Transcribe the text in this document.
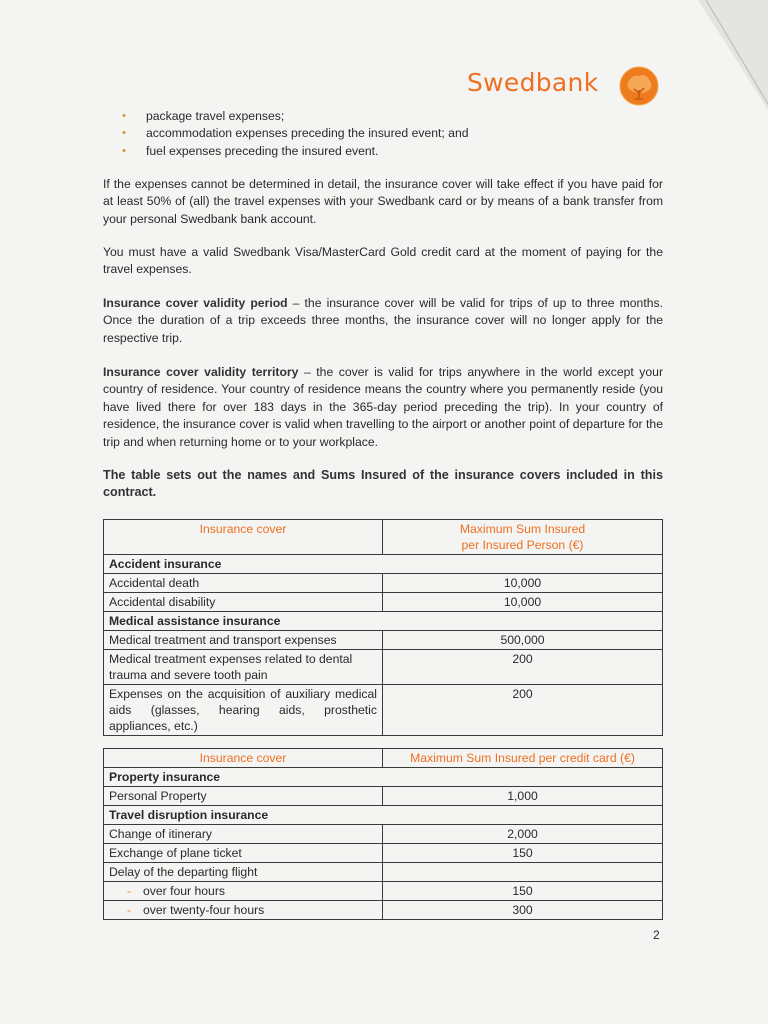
Swedbank
• package travel expenses;
• accommodation expenses preceding the insured event; and
• fuel expenses preceding the insured event.

If the expenses cannot be determined in detail, the insurance cover will take effect if you have paid for at least 50% of (all) the travel expenses with your Swedbank card or by means of a bank transfer from your personal Swedbank bank account.

You must have a valid Swedbank Visa/MasterCard Gold credit card at the moment of paying for the travel expenses.

Insurance cover validity period – the insurance cover will be valid for trips of up to three months. Once the duration of a trip exceeds three months, the insurance cover will no longer apply for the respective trip.

Insurance cover validity territory – the cover is valid for trips anywhere in the world except your country of residence. Your country of residence means the country where you permanently reside (you have lived there for over 183 days in the 365-day period preceding the trip). In your country of residence, the insurance cover is valid when travelling to the airport or another point of departure for the trip and when returning home or to your workplace.

The table sets out the names and Sums Insured of the insurance covers included in this contract.

Insurance cover	Maximum Sum Insured
per Insured Person (€)
Accident insurance	
Accidental death	10,000
Accidental disability	10,000
Medical assistance insurance	
Medical treatment and transport expenses	500,000
Medical treatment expenses related to dental trauma and severe tooth pain	200
Expenses on the acquisition of auxiliary medical aids (glasses, hearing aids, prosthetic appliances, etc.)	200
Insurance cover	Maximum Sum Insured per credit card (€)
Property insurance	
Personal Property	1,000
Travel disruption insurance	
Change of itinerary	2,000
Exchange of plane ticket	150
Delay of the departing flight	
- over four hours	150
- over twenty-four hours	300
2
